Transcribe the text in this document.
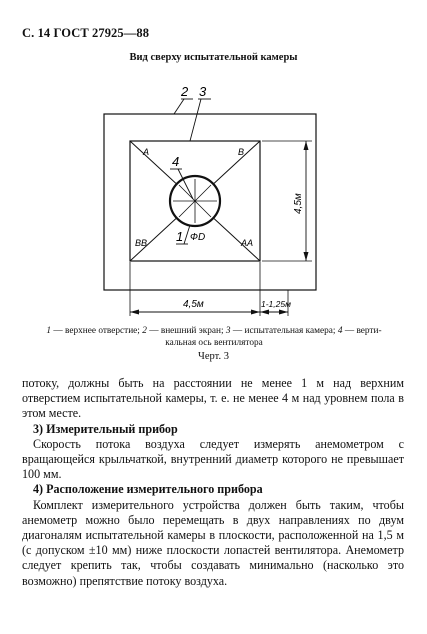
С. 14 ГОСТ 27925—88
Вид сверху испытательной камеры
2 3
4
1 ФD
А	В
ВВ	АА
4,5м
4,5м	1-1,25м
1 — верхнее отверстие; 2 — внешний экран; 3 — испытательная камера; 4 — верти-
кальная ось вентилятора
Черт. 3

потоку, должны быть на расстоянии не менее 1 м над верхним отверстием испытательной камеры, т. е. не менее 4 м над уровнем пола в этом месте.

3) Измерительный прибор

Скорость потока воздуха следует измерять анемометром с вращающейся крыльчаткой, внутренний диаметр которого не превышает 100 мм.

4) Расположение измерительного прибора

Комплект измерительного устройства должен быть таким, чтобы анемометр можно было перемещать в двух направлениях по двум диагоналям испытательной камеры в плоскости, расположенной на 1,5 м (с допуском ±10 мм) ниже плоскости лопастей вентилятора. Анемометр следует крепить так, чтобы создавать минимально (насколько это возможно) препятствие потоку воздуха.
